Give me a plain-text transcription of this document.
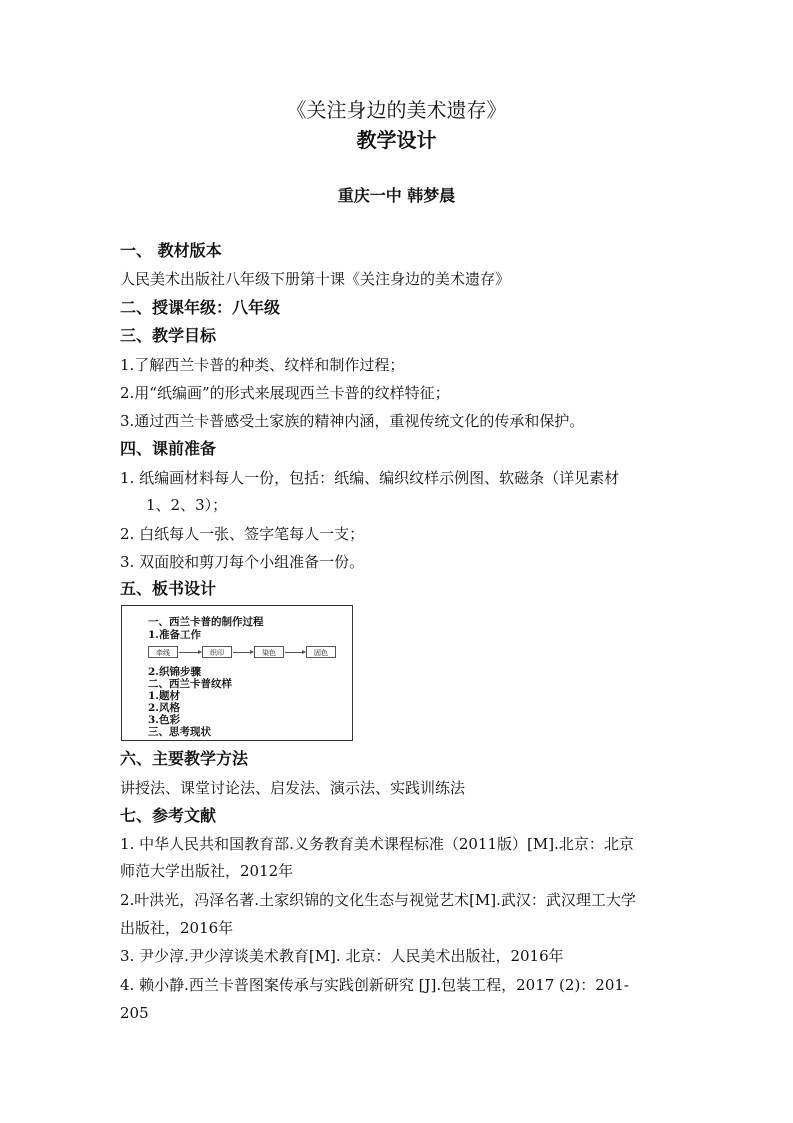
《关注身边的美术遗存》
教学设计
重庆一中 韩梦晨
一、 教材版本
人民美术出版社八年级下册第十课《关注身边的美术遗存》
二、授课年级：八年级
三、教学目标
1.了解西兰卡普的种类、纹样和制作过程；
2.用“纸编画”的形式来展现西兰卡普的纹样特征；
3.通过西兰卡普感受土家族的精神内涵，重视传统文化的传承和保护。
四、课前准备
1. 纸编画材料每人一份，包括：纸编、编织纹样示例图、软磁条（详见素材
1、2、3）；
2. 白纸每人一张、签字笔每人一支；
3. 双面胶和剪刀每个小组准备一份。
五、板书设计
一、西兰卡普的制作过程
1.准备工作
牵线	织印	染色	固色
2.织锦步骤
二、西兰卡普纹样
1.题材
2.风格
3.色彩
三、思考现状
六、主要教学方法
讲授法、课堂讨论法、启发法、演示法、实践训练法
七、参考文献
1. 中华人民共和国教育部.义务教育美术课程标准（2011版）[M].北京：北京
师范大学出版社，2012年
2.叶洪光，冯泽名著.土家织锦的文化生态与视觉艺术[M].武汉：武汉理工大学
出版社，2016年
3. 尹少淳.尹少淳谈美术教育[M]. 北京：人民美术出版社，2016年
4. 赖小静.西兰卡普图案传承与实践创新研究 [J].包装工程，2017 (2)：201-
205
